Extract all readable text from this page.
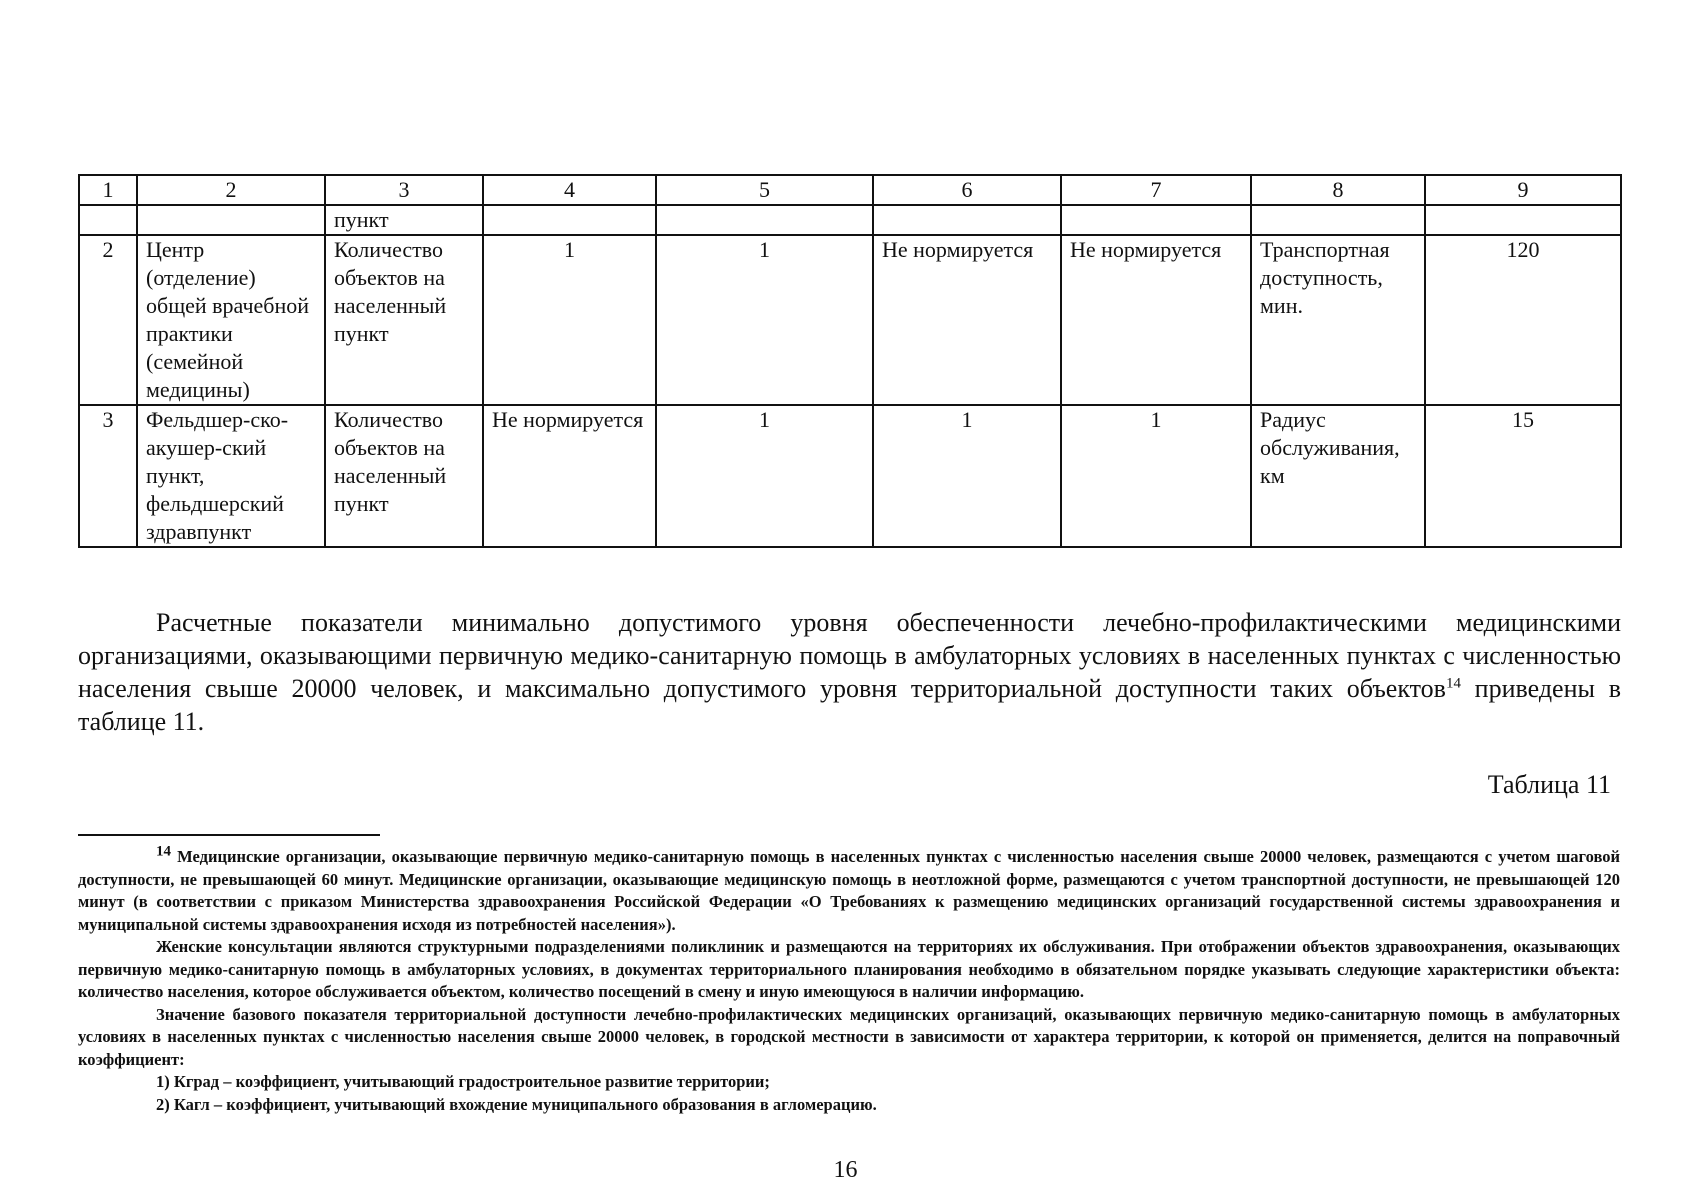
1	2	3	4	5	6	7	8	9
		пункт						
2	Центр (отделение) общей врачебной практики (семейной медицины)	Количество объектов на населенный пункт	1	1	Не нормируется	Не нормируется	Транспортная доступность, мин.	120
3	Фельдшер-ско-акушер-ский пункт, фельдшерский здравпункт	Количество объектов на населенный пункт	Не нормируется	1	1	1	Радиус обслуживания, км	15

Расчетные показатели минимально допустимого уровня обеспеченности лечебно-профилактическими медицинскими организациями, оказывающими первичную медико-санитарную помощь в амбулаторных условиях в населенных пунктах с численностью населения свыше 20000 человек, и максимально допустимого уровня территориальной доступности таких объектов$^{14}$ приведены в таблице 11.

Таблица 11

$^{14}$ Медицинские организации, оказывающие первичную медико-санитарную помощь в населенных пунктах с численностью населения свыше 20000 человек, размещаются с учетом шаговой доступности, не превышающей 60 минут. Медицинские организации, оказывающие медицинскую помощь в неотложной форме, размещаются с учетом транспортной доступности, не превышающей 120 минут (в соответствии с приказом Министерства здравоохранения Российской Федерации «О Требованиях к размещению медицинских организаций государственной системы здравоохранения и муниципальной системы здравоохранения исходя из потребностей населения»).

Женские консультации являются структурными подразделениями поликлиник и размещаются на территориях их обслуживания. При отображении объектов здравоохранения, оказывающих первичную медико-санитарную помощь в амбулаторных условиях, в документах территориального планирования необходимо в обязательном порядке указывать следующие характеристики объекта: количество населения, которое обслуживается объектом, количество посещений в смену и иную имеющуюся в наличии информацию.

Значение базового показателя территориальной доступности лечебно-профилактических медицинских организаций, оказывающих первичную медико-санитарную помощь в амбулаторных условиях в населенных пунктах с численностью населения свыше 20000 человек, в городской местности в зависимости от характера территории, к которой он применяется, делится на поправочный коэффициент:

1) Кград – коэффициент, учитывающий градостроительное развитие территории;

2) Кагл – коэффициент, учитывающий вхождение муниципального образования в агломерацию.

16
